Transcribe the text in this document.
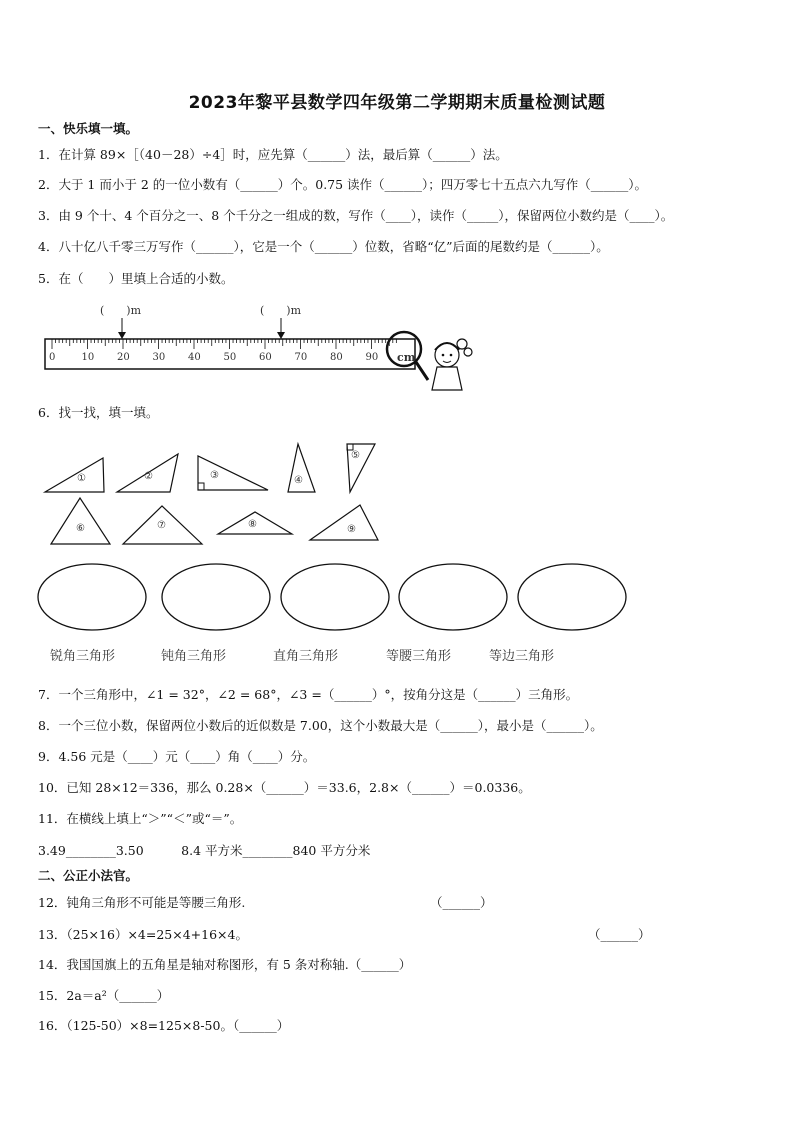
2023年黎平县数学四年级第二学期期末质量检测试题
一、快乐填一填。
1．在计算 89×［（40－28）÷4］时，应先算（______）法，最后算（______）法。
2．大于 1 而小于 2 的一位小数有（______）个。0.75 读作（______）；四万零七十五点六九写作（______）。
3．由 9 个十、4 个百分之一、8 个千分之一组成的数，写作（____），读作（_____），保留两位小数约是（____）。
4．八十亿八千零三万写作（______），它是一个（______）位数，省略“亿”后面的尾数约是（______）。
5．在（　　）里填上合适的小数。
(　　)m	(　　)m
cm
0	10 20 30 40 50 60 70 80 90
6．找一找，填一填。
①	②	③	④
⑤
⑥	⑦	⑧	⑨
锐角三角形	钝角三角形	直角三角形	等腰三角形	等边三角形
7．一个三角形中，∠1 = 32°，∠2 = 68°，∠3 =（______）°，按角分这是（______）三角形。
8．一个三位小数，保留两位小数后的近似数是 7.00，这个小数最大是（______），最小是（______）。
9．4.56 元是（____）元（____）角（____）分。
10．已知 28×12＝336，那么 0.28×（______）＝33.6，2.8×（______）＝0.0336。
11．在横线上填上“＞”“＜”或“＝”。
3.49________3.50　　　8.4 平方米________840 平方分米
二、公正小法官。
12．钝角三角形不可能是等腰三角形.	（______）
13．（25×16）×4=25×4+16×4。	（______）
14．我国国旗上的五角星是轴对称图形，有 5 条对称轴.（______）
15．2a＝a²（______）
16．（125-50）×8=125×8-50。（______）
